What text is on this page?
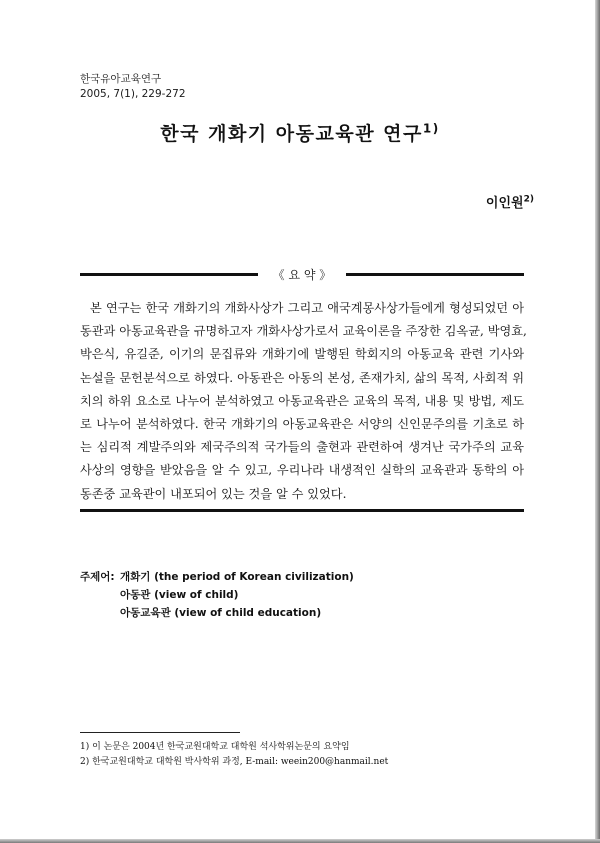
한국유아교육연구
2005, 7(1), 229-272
한국 개화기 아동교육관 연구$^{1)}$
이인원$^{2)}$
《 요 약 》
본 연구는 한국 개화기의 개화사상가 그리고 애국계몽사상가들에게 형성되었던 아
동관과 아동교육관을 규명하고자 개화사상가로서 교육이론을 주장한 김옥균, 박영효,
박은식, 유길준, 이기의 문집류와 개화기에 발행된 학회지의 아동교육 관련 기사와
논설을 문헌분석으로 하였다. 아동관은 아동의 본성, 존재가치, 삶의 목적, 사회적 위
치의 하위 요소로 나누어 분석하였고 아동교육관은 교육의 목적, 내용 및 방법, 제도
로 나누어 분석하였다. 한국 개화기의 아동교육관은 서양의 신인문주의를 기초로 하
는 심리적 계발주의와 제국주의적 국가들의 출현과 관련하여 생겨난 국가주의 교육
사상의 영향을 받았음을 알 수 있고, 우리나라 내생적인 실학의 교육관과 동학의 아
동존중 교육관이 내포되어 있는 것을 알 수 있었다.
주제어: 개화기 (the period of Korean civilization)
아동관 (view of child)
아동교육관 (view of child education)
1) 이 논문은 2004년 한국교원대학교 대학원 석사학위논문의 요약임
2) 한국교원대학교 대학원 박사학위 과정, E-mail: weein200@hanmail.net
